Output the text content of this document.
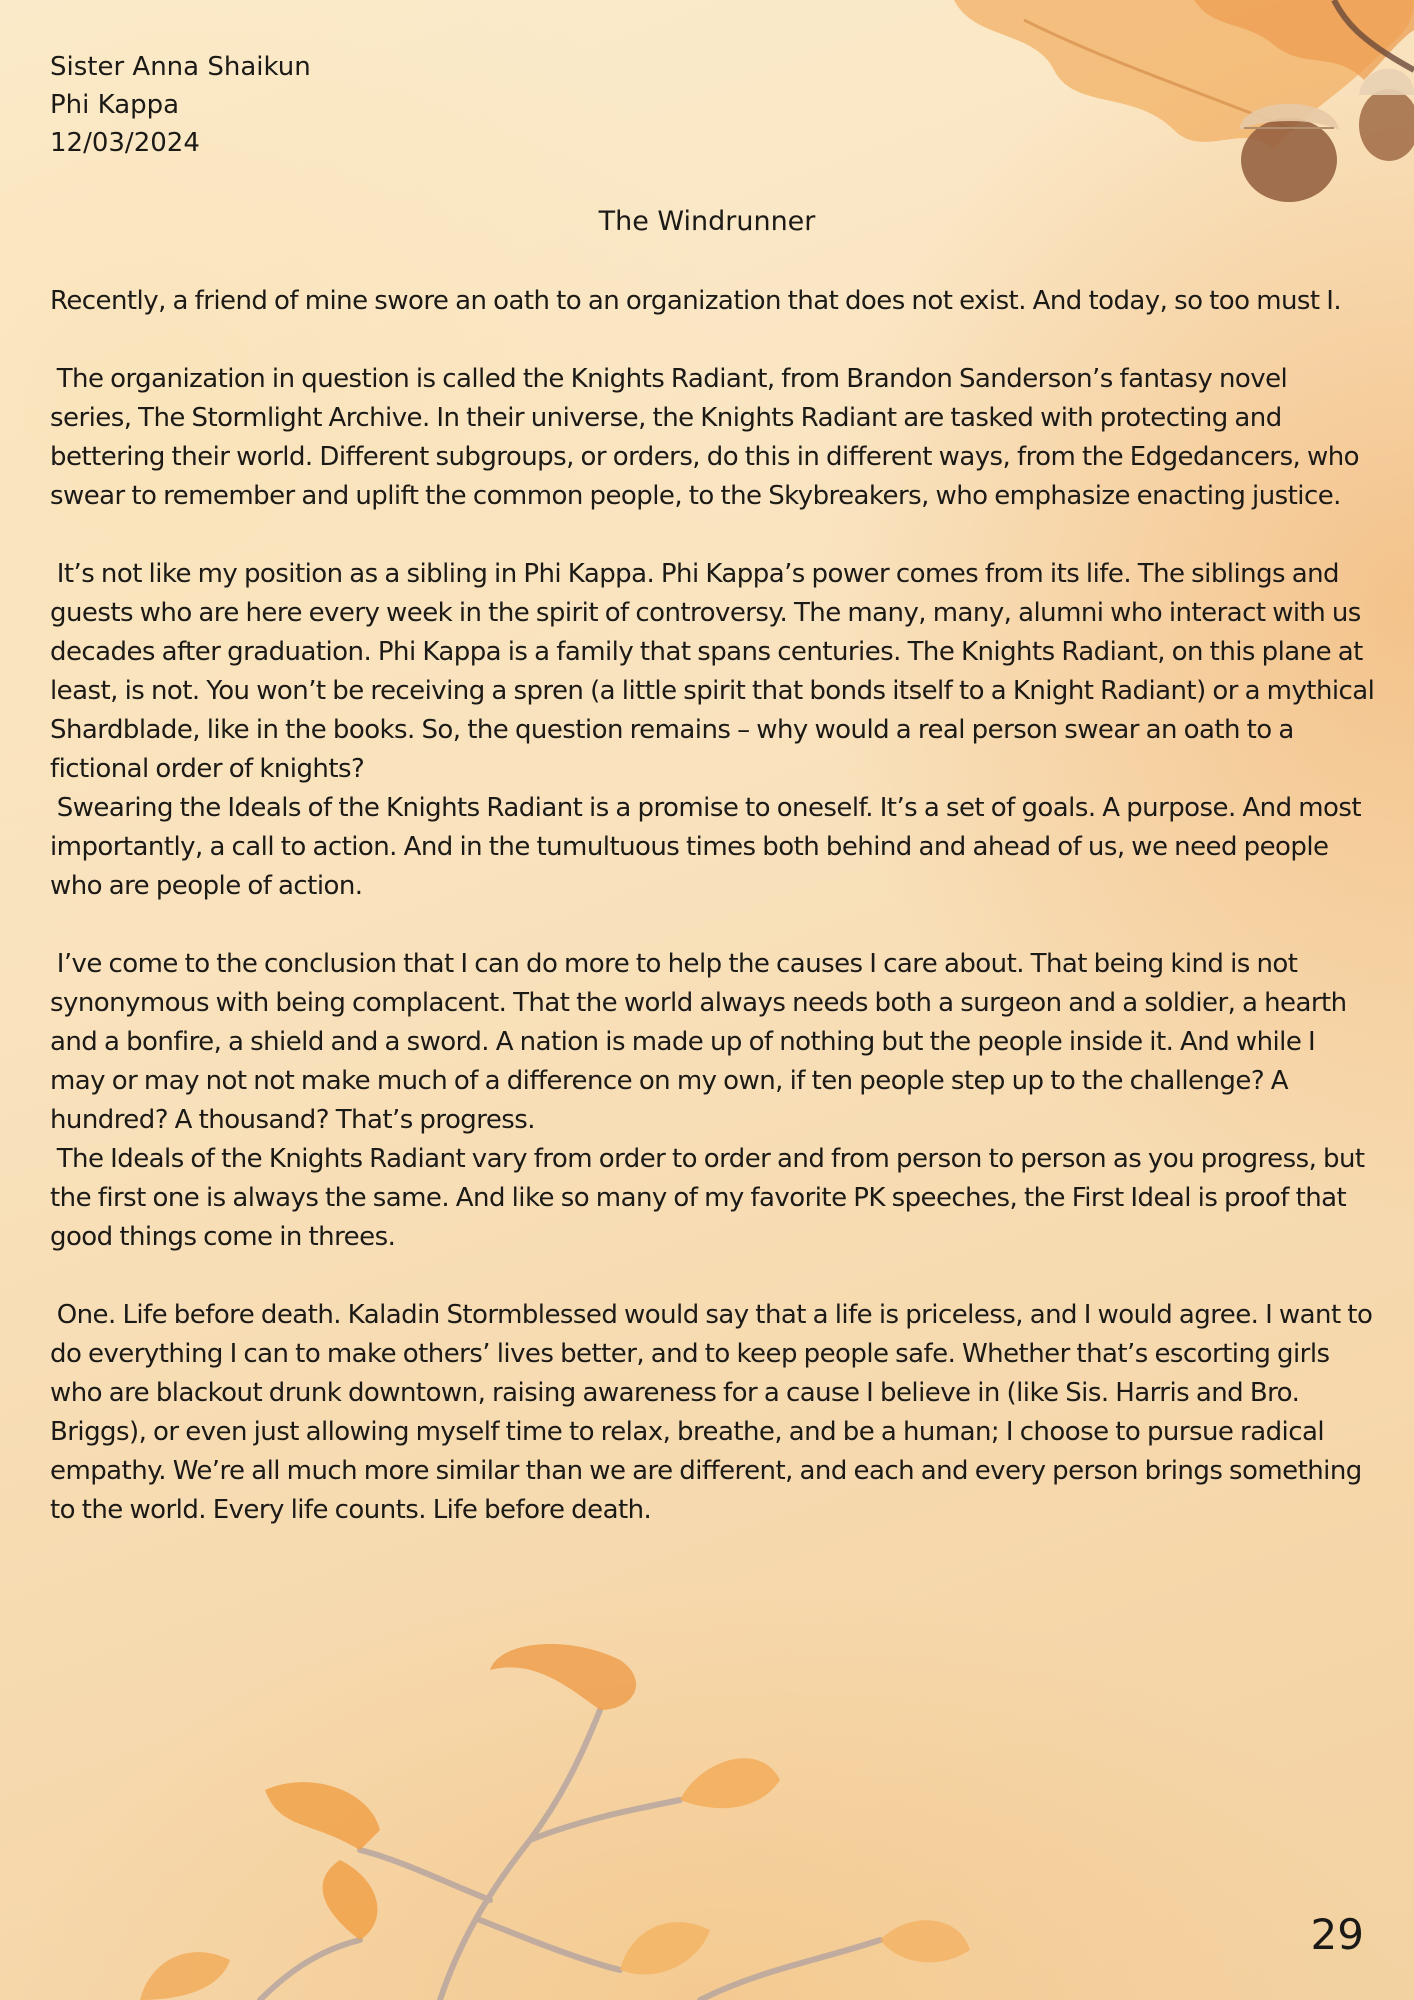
Sister Anna Shaikun
Phi Kappa
12/03/2024
The Windrunner

Recently, a friend of mine swore an oath to an organization that does not exist. And today, so too must I.

The organization in question is called the Knights Radiant, from Brandon Sanderson’s fantasy novel series, The Stormlight Archive. In their universe, the Knights Radiant are tasked with protecting and bettering their world. Different subgroups, or orders, do this in different ways, from the Edgedancers, who swear to remember and uplift the common people, to the Skybreakers, who emphasize enacting justice.

It’s not like my position as a sibling in Phi Kappa. Phi Kappa’s power comes from its life. The siblings and guests who are here every week in the spirit of controversy. The many, many, alumni who interact with us decades after graduation. Phi Kappa is a family that spans centuries. The Knights Radiant, on this plane at least, is not. You won’t be receiving a spren (a little spirit that bonds itself to a Knight Radiant) or a mythical Shardblade, like in the books. So, the question remains – why would a real person swear an oath to a fictional order of knights?

Swearing the Ideals of the Knights Radiant is a promise to oneself. It’s a set of goals. A purpose. And most importantly, a call to action. And in the tumultuous times both behind and ahead of us, we need people who are people of action.

I’ve come to the conclusion that I can do more to help the causes I care about. That being kind is not synonymous with being complacent. That the world always needs both a surgeon and a soldier, a hearth and a bonfire, a shield and a sword. A nation is made up of nothing but the people inside it. And while I may or may not not make much of a difference on my own, if ten people step up to the challenge? A hundred? A thousand? That’s progress.

The Ideals of the Knights Radiant vary from order to order and from person to person as you progress, but the first one is always the same. And like so many of my favorite PK speeches, the First Ideal is proof that good things come in threes.

One. Life before death. Kaladin Stormblessed would say that a life is priceless, and I would agree. I want to do everything I can to make others’ lives better, and to keep people safe. Whether that’s escorting girls who are blackout drunk downtown, raising awareness for a cause I believe in (like Sis. Harris and Bro. Briggs), or even just allowing myself time to relax, breathe, and be a human; I choose to pursue radical empathy. We’re all much more similar than we are different, and each and every person brings something to the world. Every life counts. Life before death.

29
